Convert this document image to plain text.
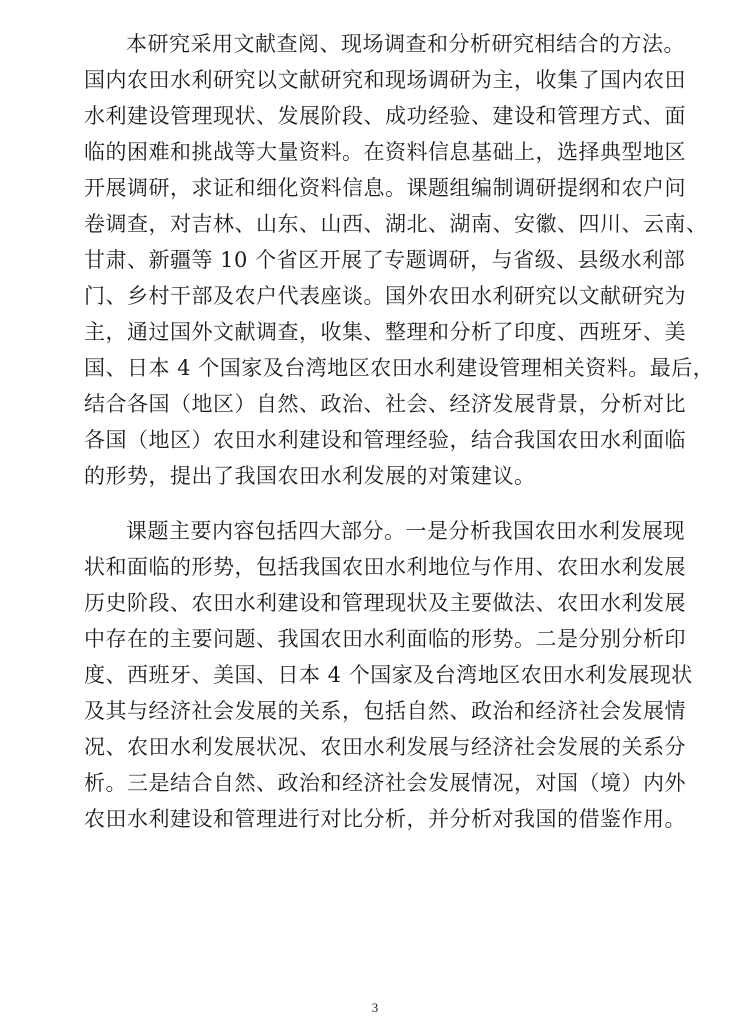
本研究采用文献查阅、现场调查和分析研究相结合的方法。
国内农田水利研究以文献研究和现场调研为主，收集了国内农田
水利建设管理现状、发展阶段、成功经验、建设和管理方式、面
临的困难和挑战等大量资料。在资料信息基础上，选择典型地区
开展调研，求证和细化资料信息。课题组编制调研提纲和农户问
卷调查，对吉林、山东、山西、湖北、湖南、安徽、四川、云南、
甘肃、新疆等 10 个省区开展了专题调研，与省级、县级水利部
门、乡村干部及农户代表座谈。国外农田水利研究以文献研究为
主，通过国外文献调查，收集、整理和分析了印度、西班牙、美
国、日本 4 个国家及台湾地区农田水利建设管理相关资料。最后，
结合各国（地区）自然、政治、社会、经济发展背景，分析对比
各国（地区）农田水利建设和管理经验，结合我国农田水利面临
的形势，提出了我国农田水利发展的对策建议。
课题主要内容包括四大部分。一是分析我国农田水利发展现
状和面临的形势，包括我国农田水利地位与作用、农田水利发展
历史阶段、农田水利建设和管理现状及主要做法、农田水利发展
中存在的主要问题、我国农田水利面临的形势。二是分别分析印
度、西班牙、美国、日本 4 个国家及台湾地区农田水利发展现状
及其与经济社会发展的关系，包括自然、政治和经济社会发展情
况、农田水利发展状况、农田水利发展与经济社会发展的关系分
析。三是结合自然、政治和经济社会发展情况，对国（境）内外
农田水利建设和管理进行对比分析，并分析对我国的借鉴作用。
3
